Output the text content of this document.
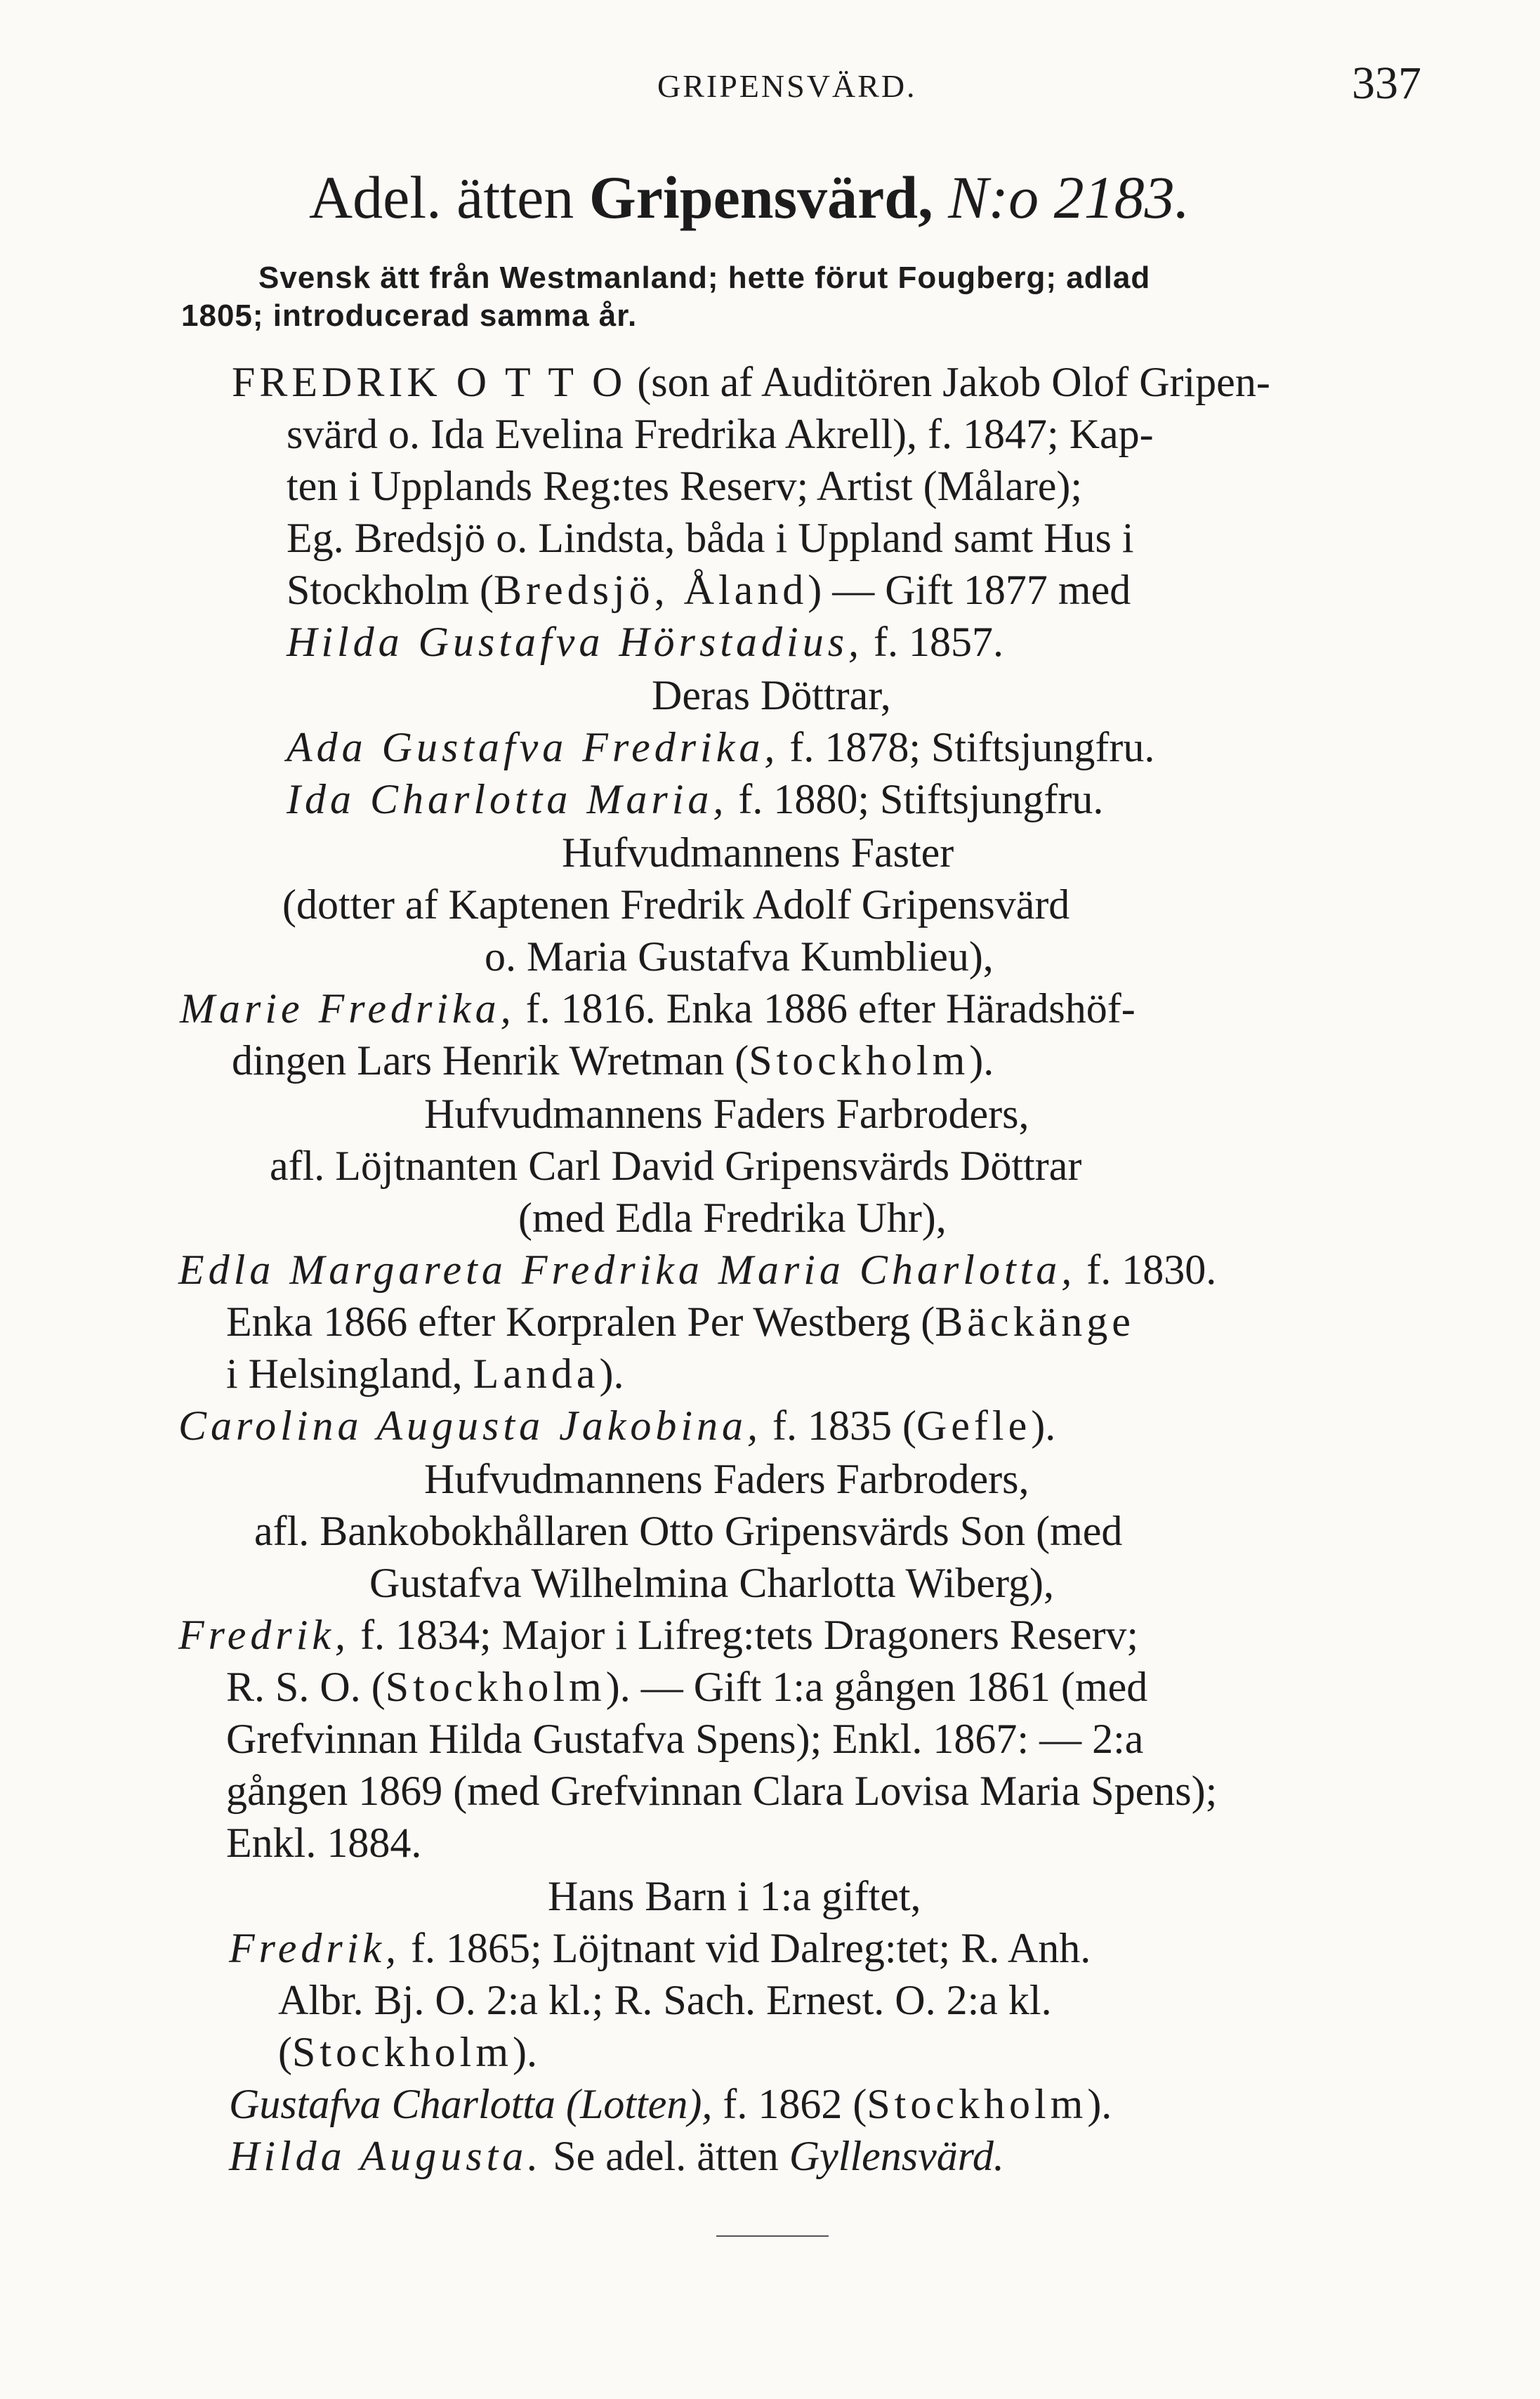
GRIPENSVÄRD.	337
Adel. ätten Gripensvärd, N:o 2183.
Svensk ätt från Westmanland; hette förut Fougberg; adlad
1805; introducerad samma år.
FREDRIK O T T O (son af Auditören Jakob Olof Gripen-
svärd o. Ida Evelina Fredrika Akrell), f. 1847; Kap-
ten i Upplands Reg:tes Reserv; Artist (Målare);
Eg. Bredsjö o. Lindsta, båda i Uppland samt Hus i
Stockholm (Bredsjö, Åland) — Gift 1877 med
Hilda Gustafva Hörstadius, f. 1857.
Deras Döttrar,
Ada Gustafva Fredrika, f. 1878; Stiftsjungfru.
Ida Charlotta Maria, f. 1880; Stiftsjungfru.
Hufvudmannens Faster
(dotter af Kaptenen Fredrik Adolf Gripensvärd
o. Maria Gustafva Kumblieu),
Marie Fredrika, f. 1816. Enka 1886 efter Häradshöf-
dingen Lars Henrik Wretman (Stockholm).
Hufvudmannens Faders Farbroders,
afl. Löjtnanten Carl David Gripensvärds Döttrar
(med Edla Fredrika Uhr),
Edla Margareta Fredrika Maria Charlotta, f. 1830.
Enka 1866 efter Korpralen Per Westberg (Bäckänge
i Helsingland, Landa).
Carolina Augusta Jakobina, f. 1835 (Gefle).
Hufvudmannens Faders Farbroders,
afl. Bankobokhållaren Otto Gripensvärds Son (med
Gustafva Wilhelmina Charlotta Wiberg),
Fredrik, f. 1834; Major i Lifreg:tets Dragoners Reserv;
R. S. O. (Stockholm). — Gift 1:a gången 1861 (med
Grefvinnan Hilda Gustafva Spens); Enkl. 1867: — 2:a
gången 1869 (med Grefvinnan Clara Lovisa Maria Spens);
Enkl. 1884.
Hans Barn i 1:a giftet,
Fredrik, f. 1865; Löjtnant vid Dalreg:tet; R. Anh.
Albr. Bj. O. 2:a kl.; R. Sach. Ernest. O. 2:a kl.
(Stockholm).
Gustafva Charlotta (Lotten), f. 1862 (Stockholm).
Hilda Augusta. Se adel. ätten Gyllensvärd.
